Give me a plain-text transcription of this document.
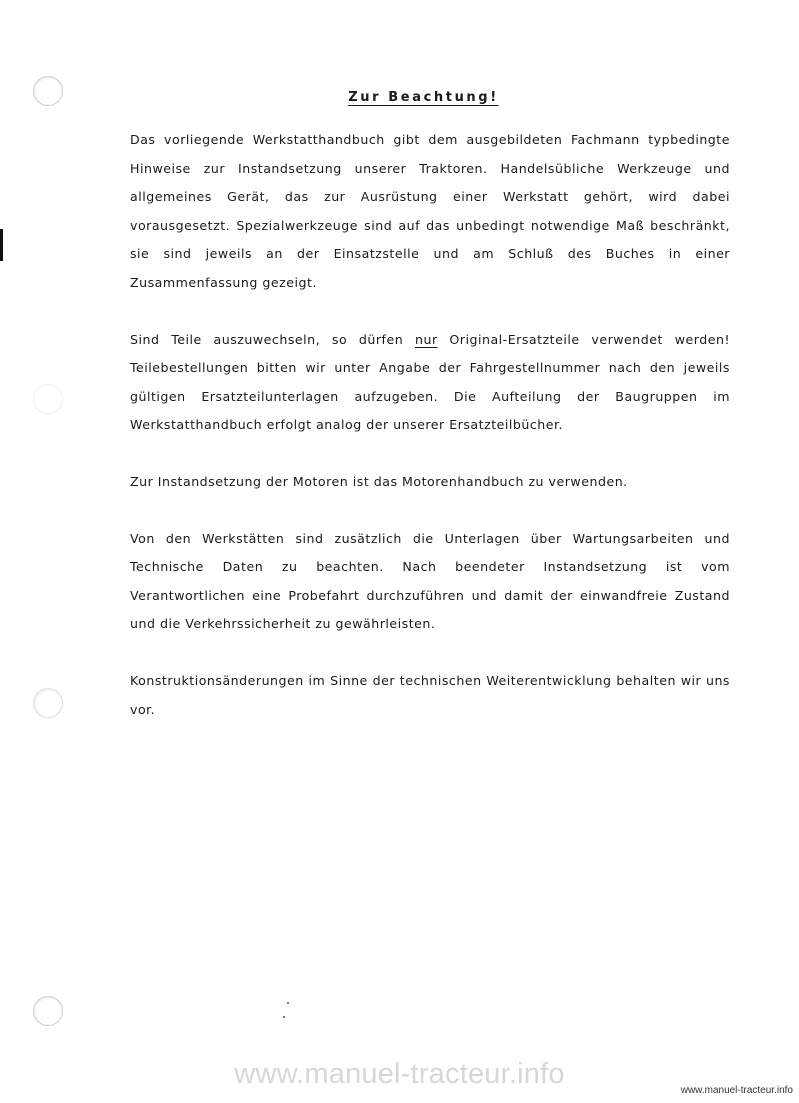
Zur Beachtung!

Das vorliegende Werkstatthandbuch gibt dem ausgebildeten Fachmann typbedingte Hinweise zur Instandsetzung unserer Traktoren. Handelsübliche Werkzeuge und allgemeines Gerät, das zur Ausrüstung einer Werkstatt gehört, wird dabei vorausgesetzt. Spezialwerkzeuge sind auf das unbedingt notwendige Maß beschränkt, sie sind jeweils an der Einsatzstelle und am Schluß des Buches in einer Zusammenfassung gezeigt.

Sind Teile auszuwechseln, so dürfen nur Original-Ersatzteile verwendet werden! Teilebestellungen bitten wir unter Angabe der Fahrgestellnummer nach den jeweils gültigen Ersatzteilunterlagen aufzugeben. Die Aufteilung der Baugruppen im Werkstatthandbuch erfolgt analog der unserer Ersatzteilbücher.

Zur Instandsetzung der Motoren ist das Motorenhandbuch zu verwenden.

Von den Werkstätten sind zusätzlich die Unterlagen über Wartungsarbeiten und Technische Daten zu beachten. Nach beendeter Instandsetzung ist vom Verantwortlichen eine Probefahrt durchzuführen und damit der einwandfreie Zustand und die Verkehrssicherheit zu gewährleisten.

Konstruktionsänderungen im Sinne der technischen Weiterentwicklung behalten wir uns vor.

www.manuel-tracteur.info
www.manuel-tracteur.info
